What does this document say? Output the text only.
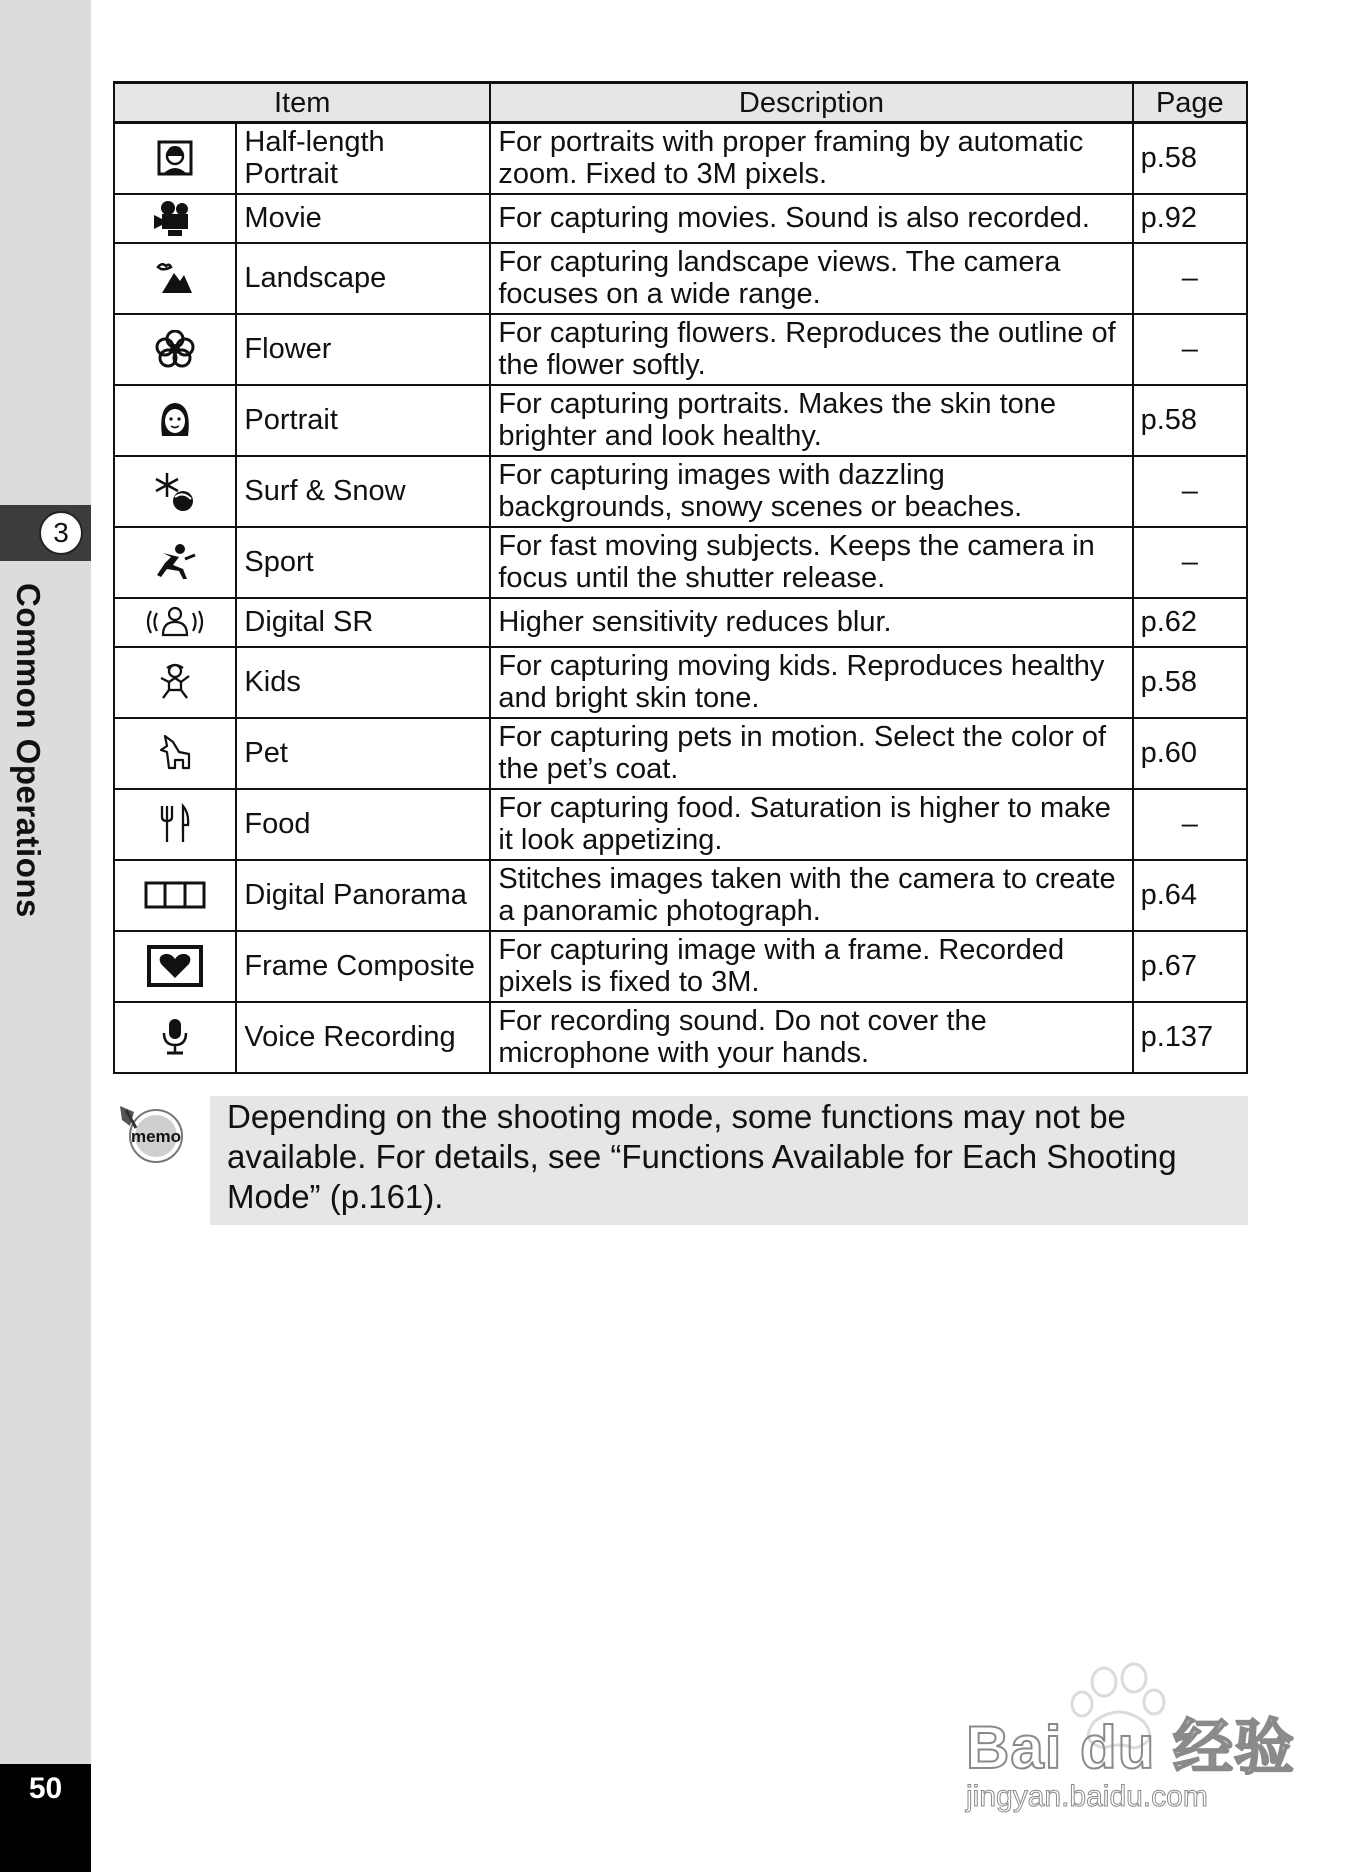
3
Common Operations
50
Item		Description	Page

	Half-length Portrait	For portraits with proper framing by automatic zoom. Fixed to 3M pixels.	p.58

	Movie	For capturing movies. Sound is also recorded.	p.92

	Landscape	For capturing landscape views. The camera focuses on a wide range.	–

	Flower	For capturing flowers. Reproduces the outline of the flower softly.	–

	Portrait	For capturing portraits. Makes the skin tone brighter and look healthy.	p.58

	Surf & Snow	For capturing images with dazzling backgrounds, snowy scenes or beaches.	–

	Sport	For fast moving subjects. Keeps the camera in focus until the shutter release.	–

	Digital SR	Higher sensitivity reduces blur.	p.62

	Kids	For capturing moving kids. Reproduces healthy and bright skin tone.	p.58

	Pet	For capturing pets in motion. Select the color of the pet’s coat.	p.60

	Food	For capturing food. Saturation is higher to make it look appetizing.	–

	Digital Panorama	Stitches images taken with the camera to create a panoramic photograph.	p.64

	Frame Composite	For capturing image with a frame. Recorded pixels is fixed to 3M.	p.67

	Voice Recording	For recording sound. Do not cover the microphone with your hands.	p.137
memo
Depending on the shooting mode, some functions may not be available. For details, see “Functions Available for Each Shooting Mode” (p.161).
Bai du 经验
jingyan.baidu.com
